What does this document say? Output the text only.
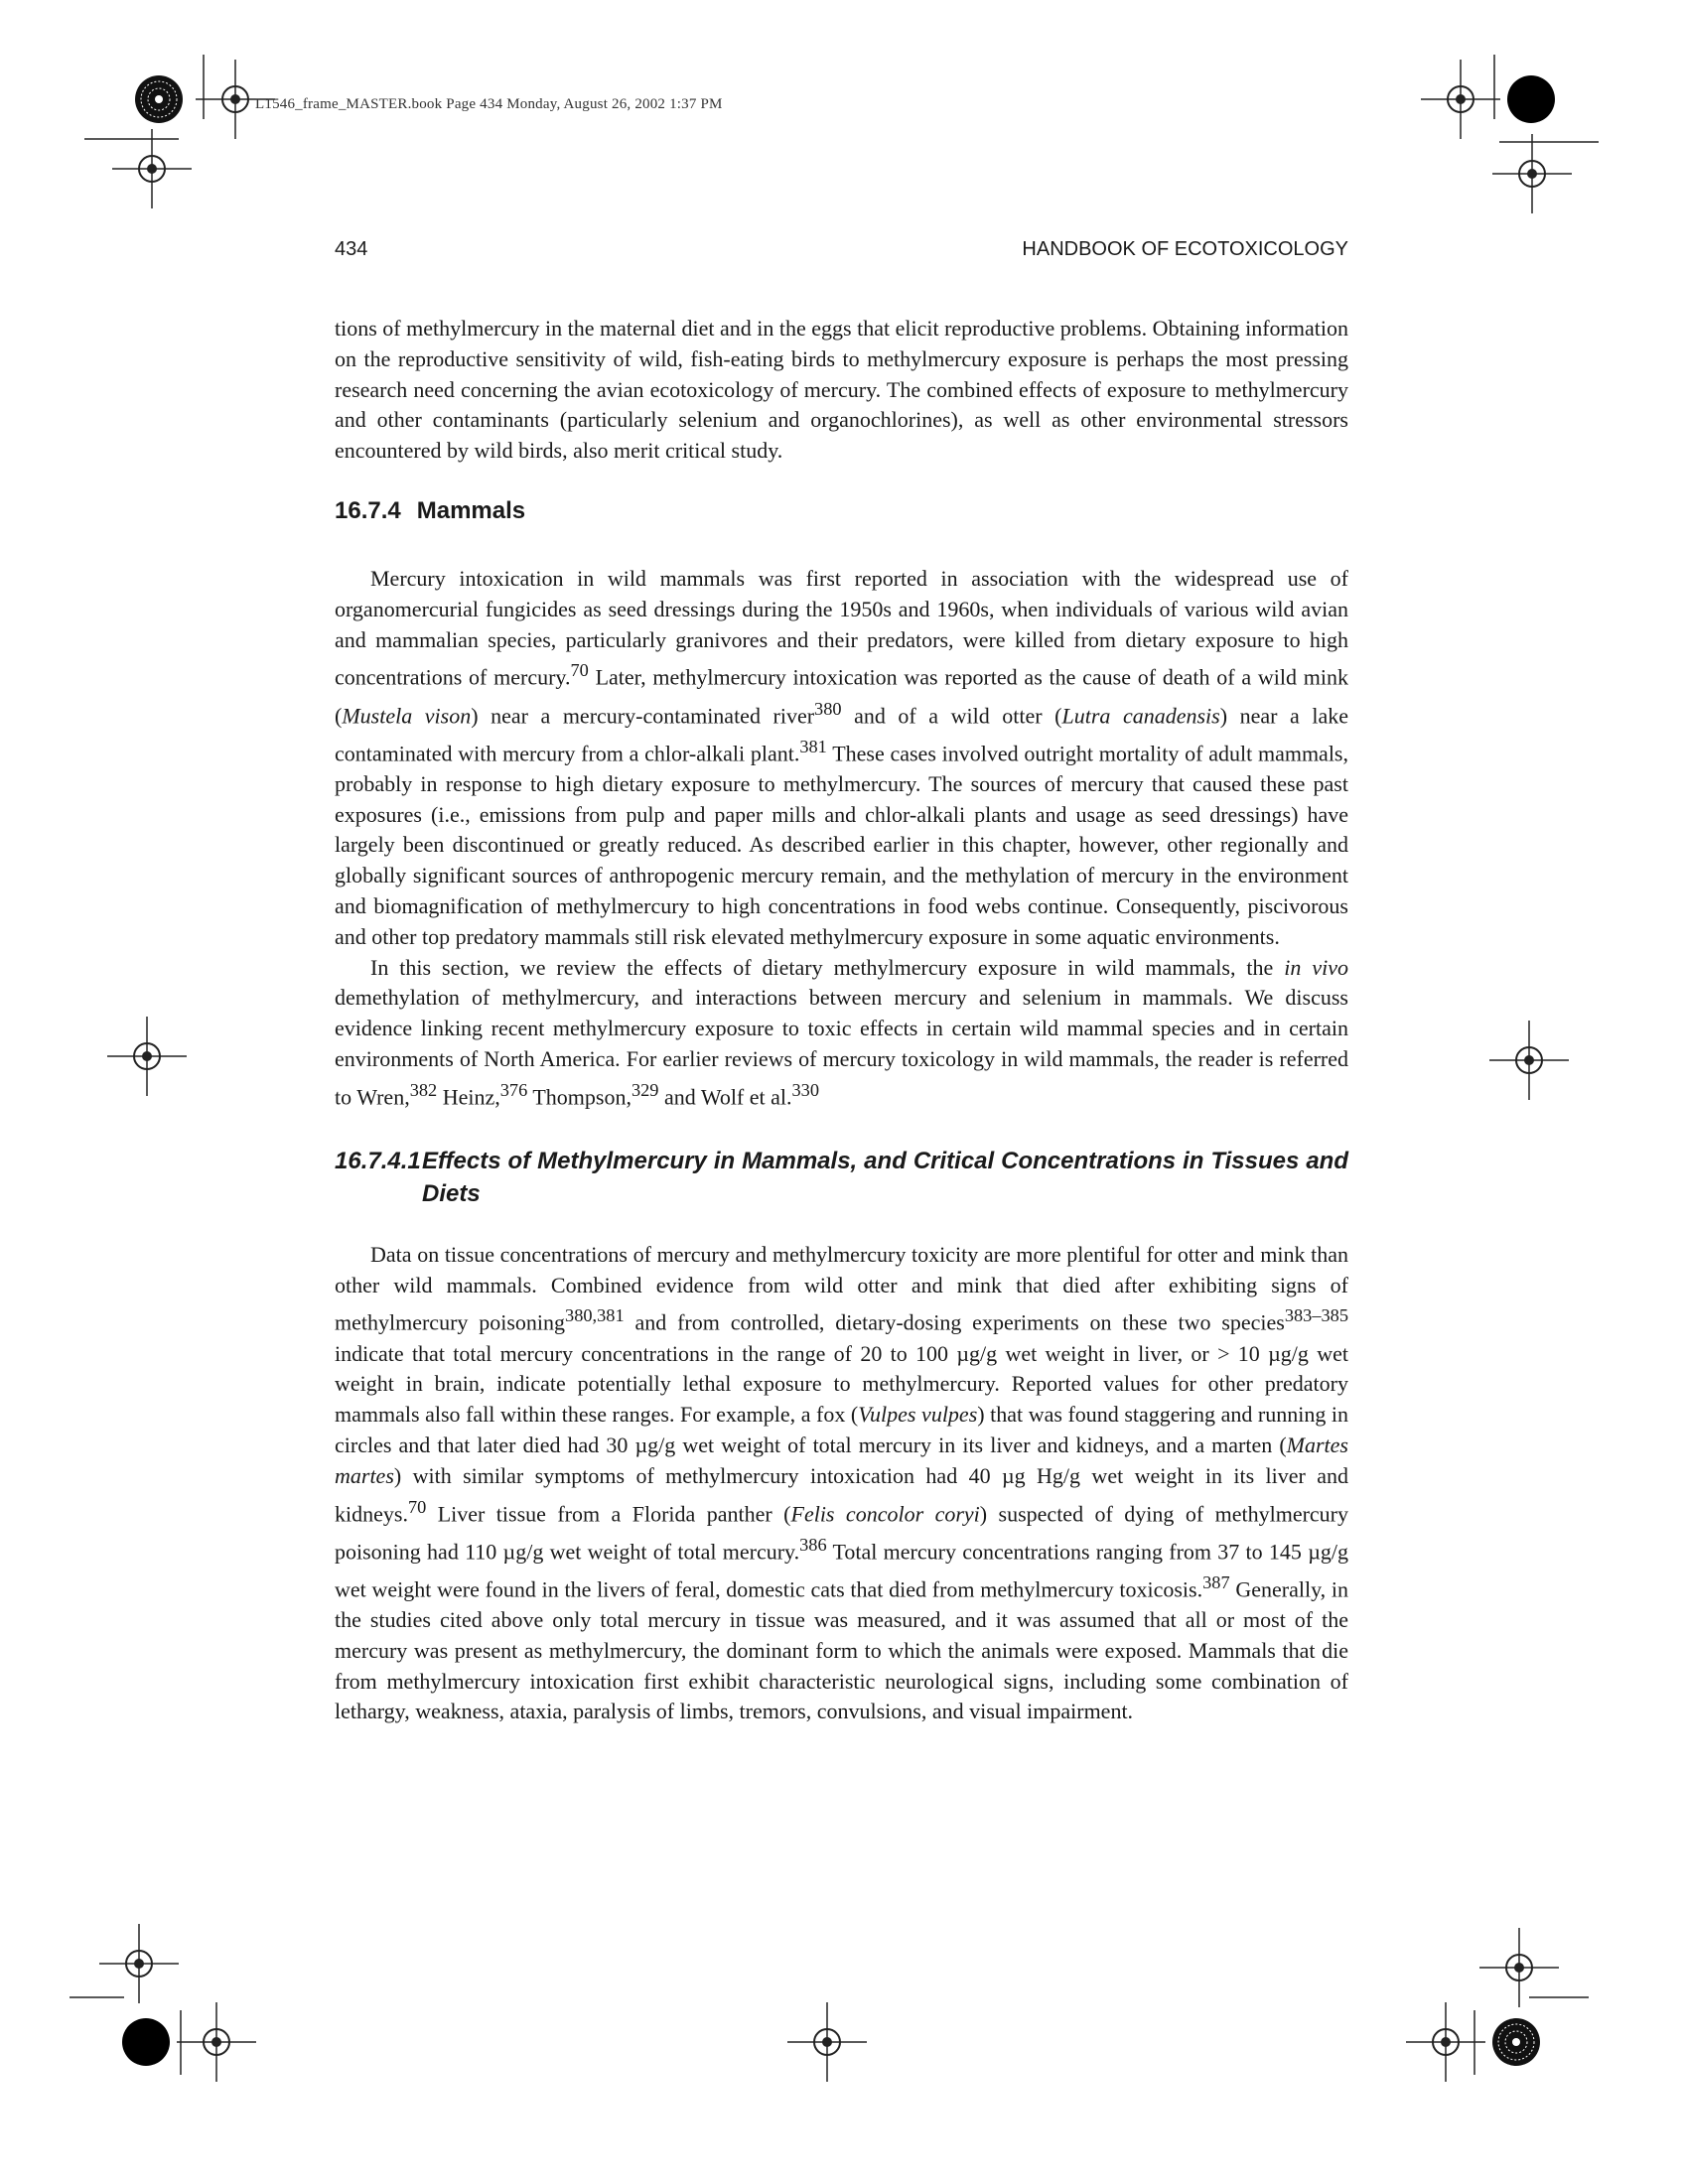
L1546_frame_MASTER.book Page 434 Monday, August 26, 2002 1:37 PM
434	HANDBOOK OF ECOTOXICOLOGY

tions of methylmercury in the maternal diet and in the eggs that elicit reproductive problems. Obtaining information on the reproductive sensitivity of wild, fish-eating birds to methylmercury exposure is perhaps the most pressing research need concerning the avian ecotoxicology of mercury. The combined effects of exposure to methylmercury and other contaminants (particularly selenium and organochlorines), as well as other environmental stressors encountered by wild birds, also merit critical study.

16.7.4 Mammals

Mercury intoxication in wild mammals was first reported in association with the widespread use of organomercurial fungicides as seed dressings during the 1950s and 1960s, when individuals of various wild avian and mammalian species, particularly granivores and their predators, were killed from dietary exposure to high concentrations of mercury.$^{70}$ Later, methylmercury intoxication was reported as the cause of death of a wild mink (Mustela vison) near a mercury-contaminated river$^{380}$ and of a wild otter (Lutra canadensis) near a lake contaminated with mercury from a chlor-alkali plant.$^{381}$ These cases involved outright mortality of adult mammals, probably in response to high dietary exposure to methylmercury. The sources of mercury that caused these past exposures (i.e., emissions from pulp and paper mills and chlor-alkali plants and usage as seed dressings) have largely been discontinued or greatly reduced. As described earlier in this chapter, however, other regionally and globally significant sources of anthropogenic mercury remain, and the methylation of mercury in the environment and biomagnification of methylmercury to high concentrations in food webs continue. Consequently, piscivorous and other top predatory mammals still risk elevated methylmercury exposure in some aquatic environments.

In this section, we review the effects of dietary methylmercury exposure in wild mammals, the in vivo demethylation of methylmercury, and interactions between mercury and selenium in mammals. We discuss evidence linking recent methylmercury exposure to toxic effects in certain wild mammal species and in certain environments of North America. For earlier reviews of mercury toxicology in wild mammals, the reader is referred to Wren,$^{382}$ Heinz,$^{376}$ Thompson,$^{329}$ and Wolf et al.$^{330}$

16.7.4.1 Effects of Methylmercury in Mammals, and Critical Concentrations in Tissues and Diets

Data on tissue concentrations of mercury and methylmercury toxicity are more plentiful for otter and mink than other wild mammals. Combined evidence from wild otter and mink that died after exhibiting signs of methylmercury poisoning$^{380,381}$ and from controlled, dietary-dosing experiments on these two species$^{383-385}$ indicate that total mercury concentrations in the range of 20 to 100 µg/g wet weight in liver, or > 10 µg/g wet weight in brain, indicate potentially lethal exposure to methylmercury. Reported values for other predatory mammals also fall within these ranges. For example, a fox (Vulpes vulpes) that was found staggering and running in circles and that later died had 30 µg/g wet weight of total mercury in its liver and kidneys, and a marten (Martes martes) with similar symptoms of methylmercury intoxication had 40 µg Hg/g wet weight in its liver and kidneys.$^{70}$ Liver tissue from a Florida panther (Felis concolor coryi) suspected of dying of methylmercury poisoning had 110 µg/g wet weight of total mercury.$^{386}$ Total mercury concentrations ranging from 37 to 145 µg/g wet weight were found in the livers of feral, domestic cats that died from methylmercury toxicosis.$^{387}$ Generally, in the studies cited above only total mercury in tissue was measured, and it was assumed that all or most of the mercury was present as methylmercury, the dominant form to which the animals were exposed. Mammals that die from methylmercury intoxication first exhibit characteristic neurological signs, including some combination of lethargy, weakness, ataxia, paralysis of limbs, tremors, convulsions, and visual impairment.
